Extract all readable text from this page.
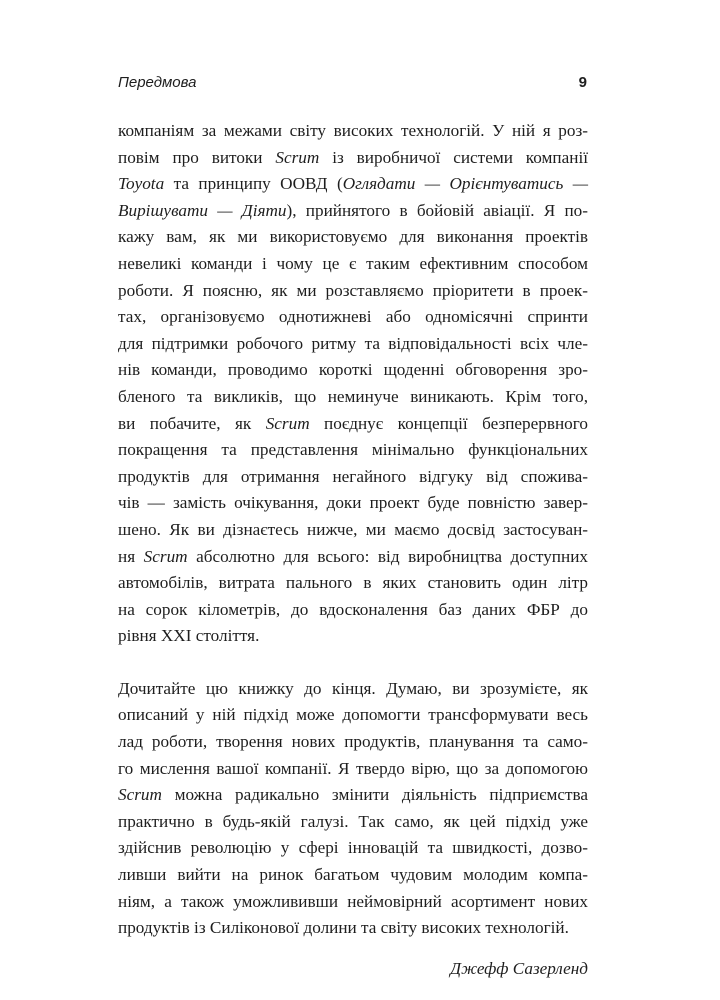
Передмова	9
компаніям за межами світу високих технологій. У ній я роз-
повім про витоки Scrum із виробничої системи компанії
Toyota та принципу ООВД (Оглядати — Орієнтуватись —
Вирішувати — Діяти), прийнятого в бойовій авіації. Я по-
кажу вам, як ми використовуємо для виконання проектів
невеликі команди і чому це є таким ефективним способом
роботи. Я поясню, як ми розставляємо пріоритети в проек-
тах, організовуємо однотижневі або одномісячні спринти
для підтримки робочого ритму та відповідальності всіх чле-
нів команди, проводимо короткі щоденні обговорення зро-
бленого та викликів, що неминуче виникають. Крім того,
ви побачите, як Scrum поєднує концепції безперервного
покращення та представлення мінімально функціональних
продуктів для отримання негайного відгуку від спожива-
чів — замість очікування, доки проект буде повністю завер-
шено. Як ви дізнаєтесь нижче, ми маємо досвід застосуван-
ня Scrum абсолютно для всього: від виробництва доступних
автомобілів, витрата пального в яких становить один літр
на сорок кілометрів, до вдосконалення баз даних ФБР до
рівня XXI століття.
Дочитайте цю книжку до кінця. Думаю, ви зрозумієте, як
описаний у ній підхід може допомогти трансформувати весь
лад роботи, творення нових продуктів, планування та само-
го мислення вашої компанії. Я твердо вірю, що за допомогою
Scrum можна радикально змінити діяльність підприємства
практично в будь-якій галузі. Так само, як цей підхід уже
здійснив революцію у сфері інновацій та швидкості, дозво-
ливши вийти на ринок багатьом чудовим молодим компа-
ніям, а також уможлививши неймовірний асортимент нових
продуктів із Силіконової долини та світу високих технологій.
Джефф Сазерленд
